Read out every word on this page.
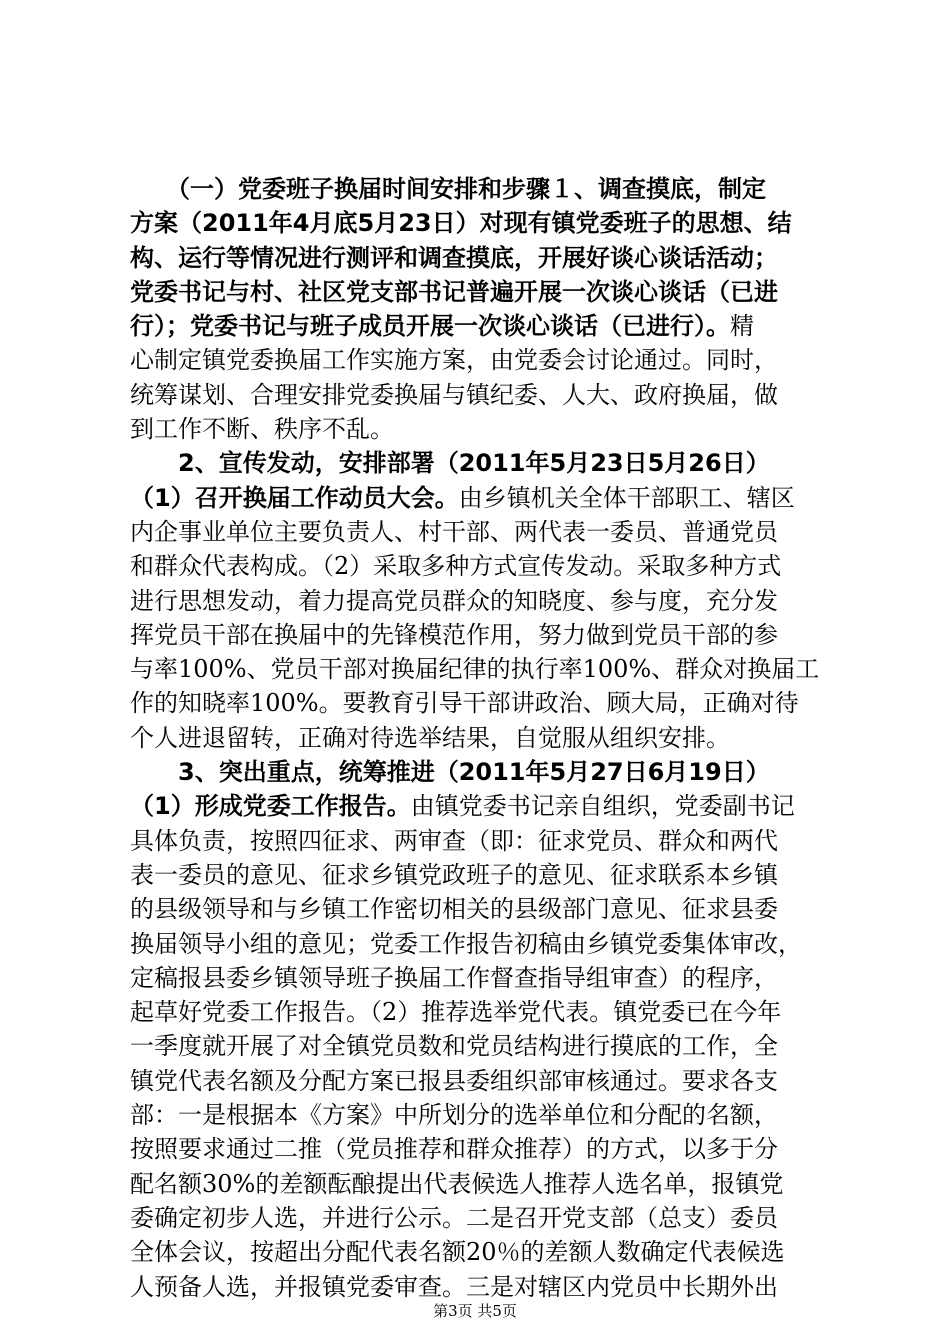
　　（一）党委班子换届时间安排和步骤１、调查摸底，制定
方案（2011年4月底5月23日）对现有镇党委班子的思想、结
构、运行等情况进行测评和调查摸底，开展好谈心谈话活动；
党委书记与村、社区党支部书记普遍开展一次谈心谈话（已进
行）；党委书记与班子成员开展一次谈心谈话（已进行）。精
心制定镇党委换届工作实施方案，由党委会讨论通过。同时，
统筹谋划、合理安排党委换届与镇纪委、人大、政府换届，做
到工作不断、秩序不乱。
　　2、宣传发动，安排部署（2011年5月23日5月26日）
（1）召开换届工作动员大会。由乡镇机关全体干部职工、辖区
内企事业单位主要负责人、村干部、两代表一委员、普通党员
和群众代表构成。（2）采取多种方式宣传发动。采取多种方式
进行思想发动，着力提高党员群众的知晓度、参与度，充分发
挥党员干部在换届中的先锋模范作用，努力做到党员干部的参
与率100%、党员干部对换届纪律的执行率100%、群众对换届工
作的知晓率100%。要教育引导干部讲政治、顾大局，正确对待
个人进退留转，正确对待选举结果，自觉服从组织安排。
　　3、突出重点，统筹推进（2011年5月27日6月19日）
（1）形成党委工作报告。由镇党委书记亲自组织，党委副书记
具体负责，按照四征求、两审查（即：征求党员、群众和两代
表一委员的意见、征求乡镇党政班子的意见、征求联系本乡镇
的县级领导和与乡镇工作密切相关的县级部门意见、征求县委
换届领导小组的意见；党委工作报告初稿由乡镇党委集体审改，
定稿报县委乡镇领导班子换届工作督查指导组审查）的程序，
起草好党委工作报告。（2）推荐选举党代表。镇党委已在今年
一季度就开展了对全镇党员数和党员结构进行摸底的工作，全
镇党代表名额及分配方案已报县委组织部审核通过。要求各支
部：一是根据本《方案》中所划分的选举单位和分配的名额，
按照要求通过二推（党员推荐和群众推荐）的方式，以多于分
配名额30%的差额酝酿提出代表候选人推荐人选名单，报镇党
委确定初步人选，并进行公示。二是召开党支部（总支）委员
全体会议，按超出分配代表名额20％的差额人数确定代表候选
人预备人选，并报镇党委审查。三是对辖区内党员中长期外出
第3页 共5页
